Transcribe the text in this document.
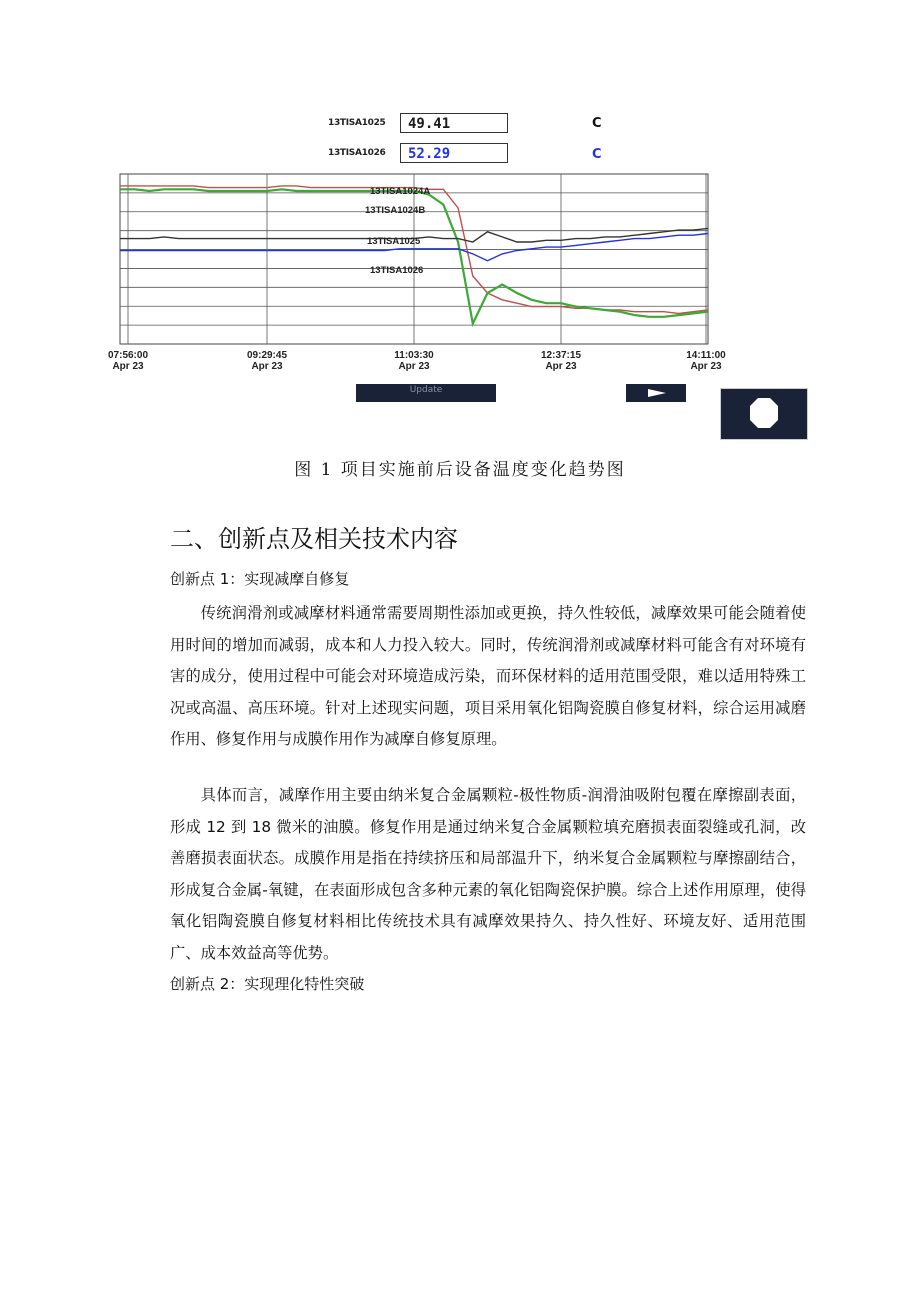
13TISA1025	49.41	C
13TISA1026	52.29	C
07:56:00
Apr 23
09:29:45
Apr 23
11:03:30
Apr 23
12:37:15
Apr 23
14:11:00
Apr 23
13TISA1024A
13TISA1024B
13TISA1025
13TISA1026
Update
图 1 项目实施前后设备温度变化趋势图
二、创新点及相关技术内容
创新点 1：实现减摩自修复

传统润滑剂或减摩材料通常需要周期性添加或更换，持久性较低，减摩效果可能会随着使用时间的增加而减弱，成本和人力投入较大。同时，传统润滑剂或减摩材料可能含有对环境有害的成分，使用过程中可能会对环境造成污染，而环保材料的适用范围受限，难以适用特殊工况或高温、高压环境。针对上述现实问题，项目采用氧化铝陶瓷膜自修复材料，综合运用减磨作用、修复作用与成膜作用作为减摩自修复原理。

具体而言，减摩作用主要由纳米复合金属颗粒-极性物质-润滑油吸附包覆在摩擦副表面，形成 12 到 18 微米的油膜。修复作用是通过纳米复合金属颗粒填充磨损表面裂缝或孔洞，改善磨损表面状态。成膜作用是指在持续挤压和局部温升下，纳米复合金属颗粒与摩擦副结合，形成复合金属-氧键，在表面形成包含多种元素的氧化铝陶瓷保护膜。综合上述作用原理，使得氧化铝陶瓷膜自修复材料相比传统技术具有减摩效果持久、持久性好、环境友好、适用范围广、成本效益高等优势。

创新点 2：实现理化特性突破
